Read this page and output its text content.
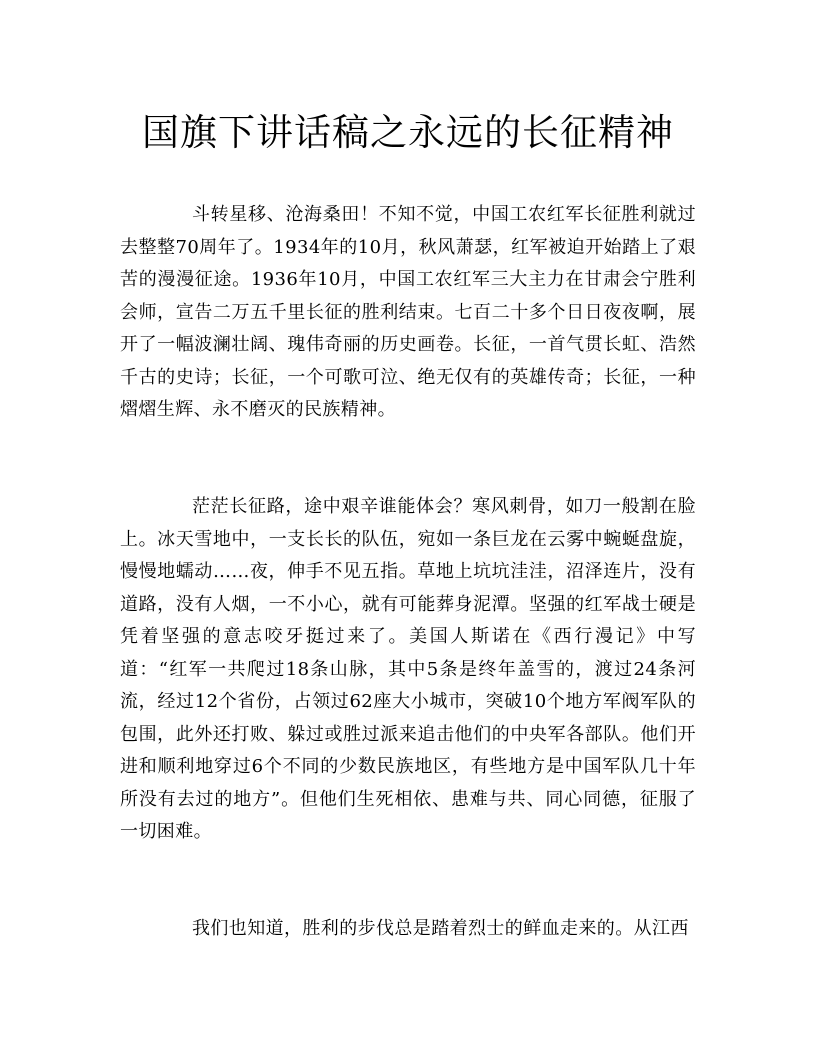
国旗下讲话稿之永远的长征精神

斗转星移、沧海桑田！不知不觉，中国工农红军长征胜利就过去整整70周年了。1934年的10月，秋风萧瑟，红军被迫开始踏上了艰苦的漫漫征途。1936年10月，中国工农红军三大主力在甘肃会宁胜利会师，宣告二万五千里长征的胜利结束。七百二十多个日日夜夜啊，展开了一幅波澜壮阔、瑰伟奇丽的历史画卷。长征，一首气贯长虹、浩然千古的史诗；长征，一个可歌可泣、绝无仅有的英雄传奇；长征，一种熠熠生辉、永不磨灭的民族精神。

茫茫长征路，途中艰辛谁能体会？寒风刺骨，如刀一般割在脸上。冰天雪地中，一支长长的队伍，宛如一条巨龙在云雾中蜿蜒盘旋，慢慢地蠕动……夜，伸手不见五指。草地上坑坑洼洼，沼泽连片，没有道路，没有人烟，一不小心，就有可能葬身泥潭。坚强的红军战士硬是凭着坚强的意志咬牙挺过来了。美国人斯诺在《西行漫记》中写道：“红军一共爬过18条山脉，其中5条是终年盖雪的，渡过24条河流，经过12个省份，占领过62座大小城市，突破10个地方军阀军队的包围，此外还打败、躲过或胜过派来追击他们的中央军各部队。他们开进和顺利地穿过6个不同的少数民族地区，有些地方是中国军队几十年所没有去过的地方”。但他们生死相依、患难与共、同心同德，征服了一切困难。

我们也知道，胜利的步伐总是踏着烈士的鲜血走来的。从江西
